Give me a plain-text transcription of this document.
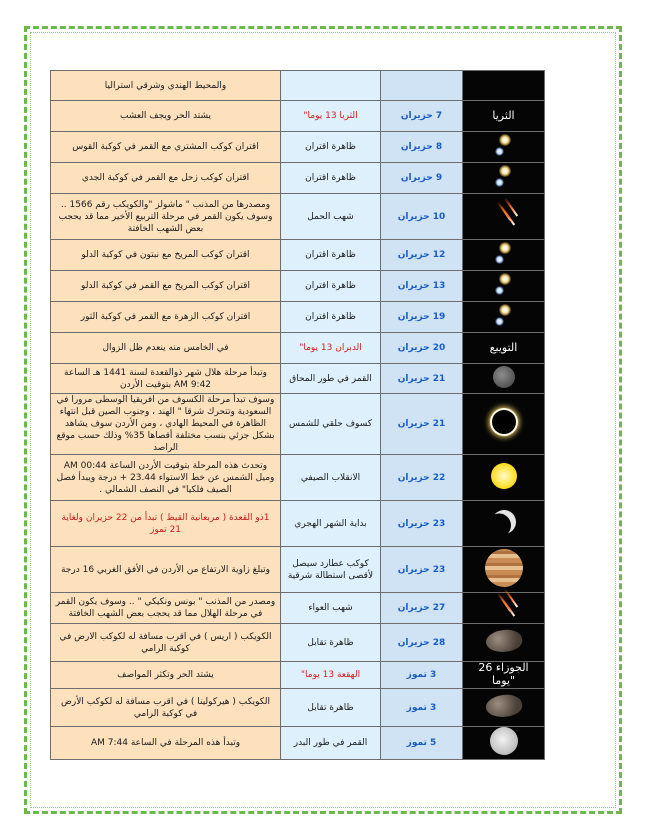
والمحيط الهندي وشرقي استراليا			
يشتد الحر ويجف العشب	الثريا 13 يوما"	7 حزيران	الثريا
اقتران كوكب المشتري مع القمر في كوكبة القوس	ظاهرة اقتران	8 حزيران	

اقتران كوكب زحل مع القمر في كوكبة الجدي	ظاهرة اقتران	9 حزيران	

ومصدرها من المذنب " ماشولز "والكويكب رقم 1566 .. وسوف يكون القمر في مرحلة التربيع الأخير مما قد يحجب بعض الشهب الخافتة	شهب الحمل	10 حزيران	

اقتران كوكب المريخ مع نبتون في كوكبة الدلو	ظاهرة اقتران	12 حزيران	

اقتران كوكب المريخ مع القمر في كوكبة الدلو	ظاهرة اقتران	13 حزيران	

اقتران كوكب الزهرة مع القمر في كوكبة الثور	ظاهرة اقتران	19 حزيران	

في الخامس منه ينعدم ظل الزوال	الدبران 13 يوما"	20 حزيران	التويبع
وتبدأ مرحلة هلال شهر ذوالقعدة لسنة 1441 هـ الساعة 9:42 AM بتوقيت الأردن	القمر في طور المحاق	21 حزيران	
وسوف تبدأ مرحلة الكسوف من افريقيا الوسطى مرورا في السعودية وتتحرك شرقا " الهند ، وجنوب الصين قبل انتهاء الظاهرة في المحيط الهادي ، ومن الأردن سوف يشاهد بشكل جزئي بنسب مختلفة أقصاها 35% وذلك حسب موقع الراصد	كسوف حلقي للشمس	21 حزيران	
وتحدث هذه المرحلة بتوقيت الأردن الساعة 00:44 AM وميل الشمس عن خط الاستواء 23.44 + درجة ويبدأ فصل الصيف فلكيا" في النصف الشمالي .	الانقلاب الصيفي	22 حزيران	
1ذو القعدة ( مربعانية القيظ ) تبدأ من 22 حزيران ولغاية 21 تموز	بداية الشهر الهجري	23 حزيران	
وتبلغ زاوية الارتفاع من الأردن في الأفق الغربي 16 درجة	كوكب عطارد سيصل لأقصى استطالة شرقية	23 حزيران	
ومصدر من المذنب " بونس ونكيكي " .. وسوف يكون القمر في مرحلة الهلال مما قد يحجب بعض الشهب الخافتة	شهب العواء	27 حزيران	

الكويكب ( اريس ) في اقرب مسافة له لكوكب الارض في كوكبة الرامي	ظاهرة تقابل	28 حزيران	
يشتد الحر وتكثر المواصف	الهقعة 13 يوما"	3 تموز	الجوزاء 26 يوما"
الكويكب ( هيركولينا ) في اقرب مسافة له لكوكب الأرض في كوكبة الرامي	ظاهرة تقابل	3 تموز	
وتبدأ هذه المرحلة في الساعة 7:44 AM	القمر في طور البدر	5 تموز	
